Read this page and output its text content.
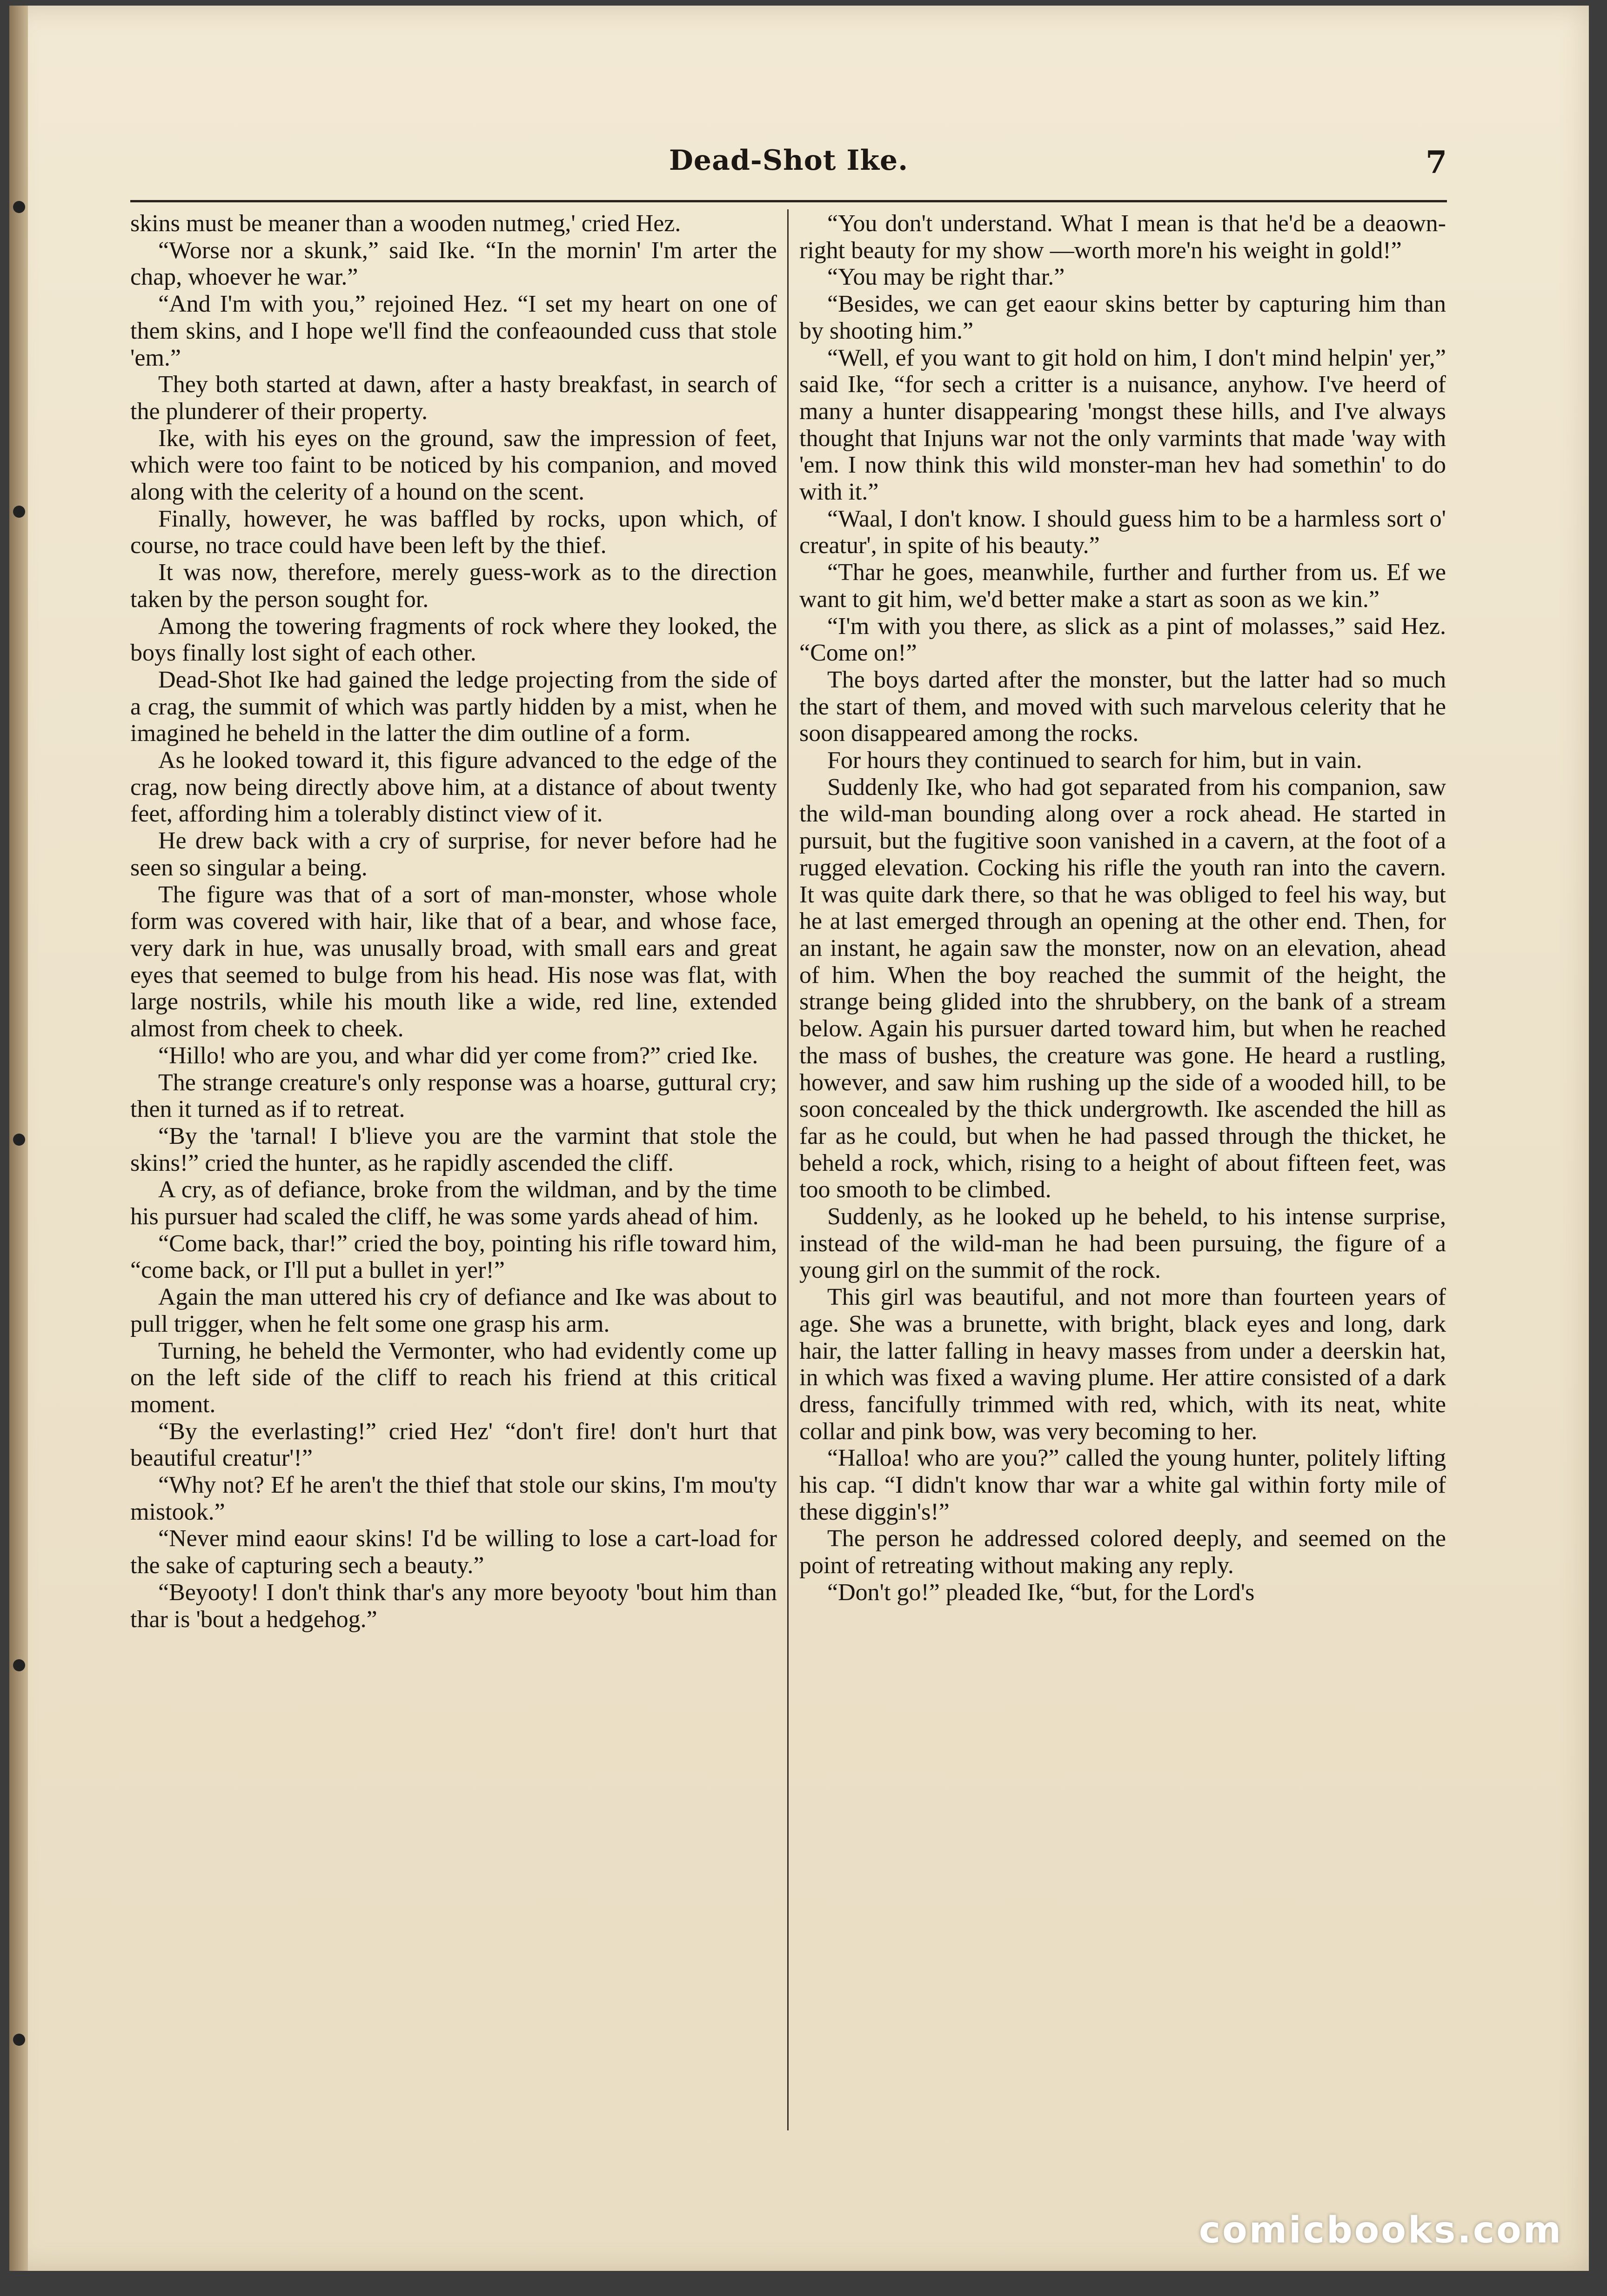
Dead-Shot Ike.	7

skins must be meaner than a wooden nutmeg,' cried Hez.

“Worse nor a skunk,” said Ike. “In the mornin' I'm arter the chap, whoever he war.”

“And I'm with you,” rejoined Hez. “I set my heart on one of them skins, and I hope we'll find the confeaounded cuss that stole 'em.”

They both started at dawn, after a hasty breakfast, in search of the plunderer of their property.

Ike, with his eyes on the ground, saw the impression of feet, which were too faint to be noticed by his companion, and moved along with the celerity of a hound on the scent.

Finally, however, he was baffled by rocks, upon which, of course, no trace could have been left by the thief.

It was now, therefore, merely guess-work as to the direction taken by the person sought for.

Among the towering fragments of rock where they looked, the boys finally lost sight of each other.

Dead-Shot Ike had gained the ledge projecting from the side of a crag, the summit of which was partly hidden by a mist, when he imagined he beheld in the latter the dim outline of a form.

As he looked toward it, this figure advanced to the edge of the crag, now being directly above him, at a distance of about twenty feet, affording him a tolerably distinct view of it.

He drew back with a cry of surprise, for never before had he seen so singular a being.

The figure was that of a sort of man-monster, whose whole form was covered with hair, like that of a bear, and whose face, very dark in hue, was unusally broad, with small ears and great eyes that seemed to bulge from his head. His nose was flat, with large nostrils, while his mouth like a wide, red line, extended almost from cheek to cheek.

“Hillo! who are you, and whar did yer come from?” cried Ike.

The strange creature's only response was a hoarse, guttural cry; then it turned as if to retreat.

“By the 'tarnal! I b'lieve you are the varmint that stole the skins!” cried the hunter, as he rapidly ascended the cliff.

A cry, as of defiance, broke from the wildman, and by the time his pursuer had scaled the cliff, he was some yards ahead of him.

“Come back, thar!” cried the boy, pointing his rifle toward him, “come back, or I'll put a bullet in yer!”

Again the man uttered his cry of defiance and Ike was about to pull trigger, when he felt some one grasp his arm.

Turning, he beheld the Vermonter, who had evidently come up on the left side of the cliff to reach his friend at this critical moment.

“By the everlasting!” cried Hez' “don't fire! don't hurt that beautiful creatur'!”

“Why not? Ef he aren't the thief that stole our skins, I'm mou'ty mistook.”

“Never mind eaour skins! I'd be willing to lose a cart-load for the sake of capturing sech a beauty.”

“Beyooty! I don't think thar's any more beyooty 'bout him than thar is 'bout a hedgehog.”

“You don't understand. What I mean is that he'd be a deaown-right beauty for my show —worth more'n his weight in gold!”

“You may be right thar.”

“Besides, we can get eaour skins better by capturing him than by shooting him.”

“Well, ef you want to git hold on him, I don't mind helpin' yer,” said Ike, “for sech a critter is a nuisance, anyhow. I've heerd of many a hunter disappearing 'mongst these hills, and I've always thought that Injuns war not the only varmints that made 'way with 'em. I now think this wild monster-man hev had somethin' to do with it.”

“Waal, I don't know. I should guess him to be a harmless sort o' creatur', in spite of his beauty.”

“Thar he goes, meanwhile, further and further from us. Ef we want to git him, we'd better make a start as soon as we kin.”

“I'm with you there, as slick as a pint of molasses,” said Hez. “Come on!”

The boys darted after the monster, but the latter had so much the start of them, and moved with such marvelous celerity that he soon disappeared among the rocks.

For hours they continued to search for him, but in vain.

Suddenly Ike, who had got separated from his companion, saw the wild-man bounding along over a rock ahead. He started in pursuit, but the fugitive soon vanished in a cavern, at the foot of a rugged elevation. Cocking his rifle the youth ran into the cavern. It was quite dark there, so that he was obliged to feel his way, but he at last emerged through an opening at the other end. Then, for an instant, he again saw the monster, now on an elevation, ahead of him. When the boy reached the summit of the height, the strange being glided into the shrubbery, on the bank of a stream below. Again his pursuer darted toward him, but when he reached the mass of bushes, the creature was gone. He heard a rustling, however, and saw him rushing up the side of a wooded hill, to be soon concealed by the thick undergrowth. Ike ascended the hill as far as he could, but when he had passed through the thicket, he beheld a rock, which, rising to a height of about fifteen feet, was too smooth to be climbed.

Suddenly, as he looked up he beheld, to his intense surprise, instead of the wild-man he had been pursuing, the figure of a young girl on the summit of the rock.

This girl was beautiful, and not more than fourteen years of age. She was a brunette, with bright, black eyes and long, dark hair, the latter falling in heavy masses from under a deerskin hat, in which was fixed a waving plume. Her attire consisted of a dark dress, fancifully trimmed with red, which, with its neat, white collar and pink bow, was very becoming to her.

“Halloa! who are you?” called the young hunter, politely lifting his cap. “I didn't know thar war a white gal within forty mile of these diggin's!”

The person he addressed colored deeply, and seemed on the point of retreating without making any reply.

“Don't go!” pleaded Ike, “but, for the Lord's

comicbooks.com
